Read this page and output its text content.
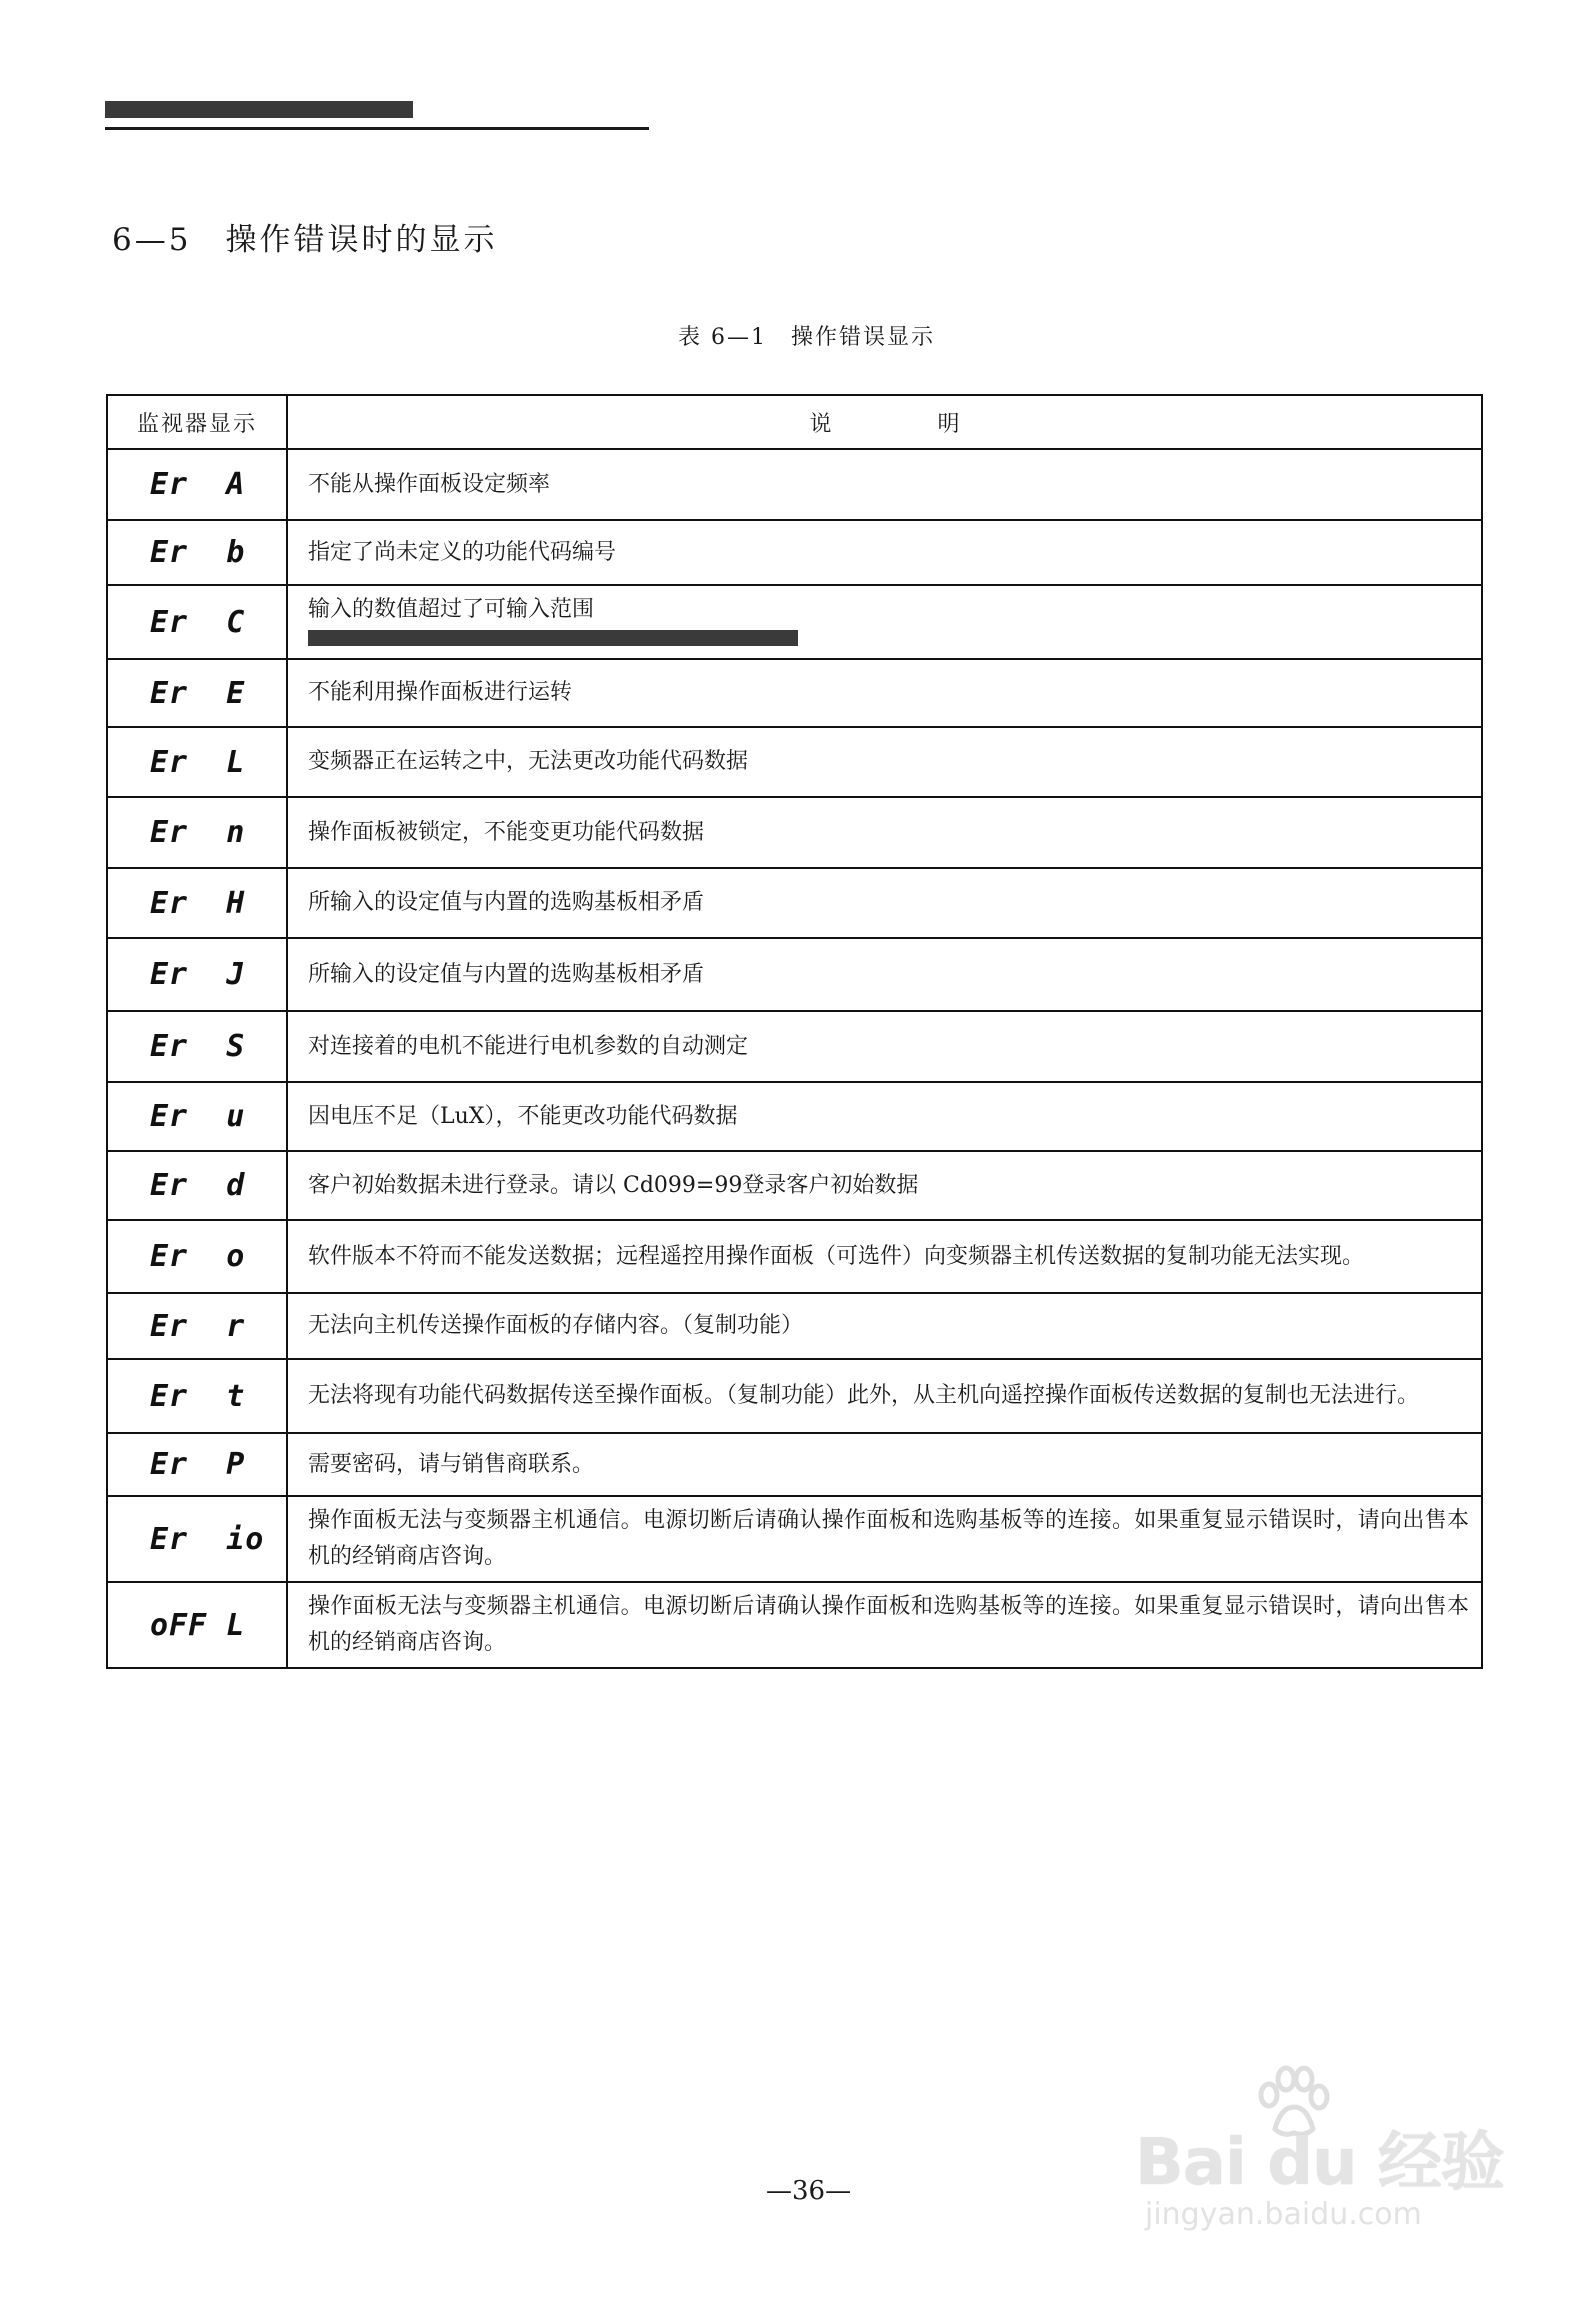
6—5　操作错误时的显示
表 6—1　操作错误显示
监视器显示	说明
Er  A	不能从操作面板设定频率
Er  b	指定了尚未定义的功能代码编号
Er  C	输入的数值超过了可输入范围

Er  E	不能利用操作面板进行运转
Er  L	变频器正在运转之中，无法更改功能代码数据
Er  n	操作面板被锁定，不能变更功能代码数据
Er  H	所输入的设定值与内置的选购基板相矛盾
Er  J	所输入的设定值与内置的选购基板相矛盾
Er  S	对连接着的电机不能进行电机参数的自动测定
Er  u	因电压不足（LuX），不能更改功能代码数据
Er  d	客户初始数据未进行登录。请以 Cd099=99登录客户初始数据
Er  o	软件版本不符而不能发送数据；远程遥控用操作面板（可选件）向变频器主机传送数据的复制功能无法实现。
Er  r	无法向主机传送操作面板的存储内容。（复制功能）
Er  t	无法将现有功能代码数据传送至操作面板。（复制功能）此外，从主机向遥控操作面板传送数据的复制也无法进行。
Er  P	需要密码，请与销售商联系。
Er  io	操作面板无法与变频器主机通信。电源切断后请确认操作面板和选购基板等的连接。如果重复显示错误时，请向出售本机的经销商店咨询。
oFF L	操作面板无法与变频器主机通信。电源切断后请确认操作面板和选购基板等的连接。如果重复显示错误时，请向出售本机的经销商店咨询。
—36—	Bai du 经验
jingyan.baidu.com
